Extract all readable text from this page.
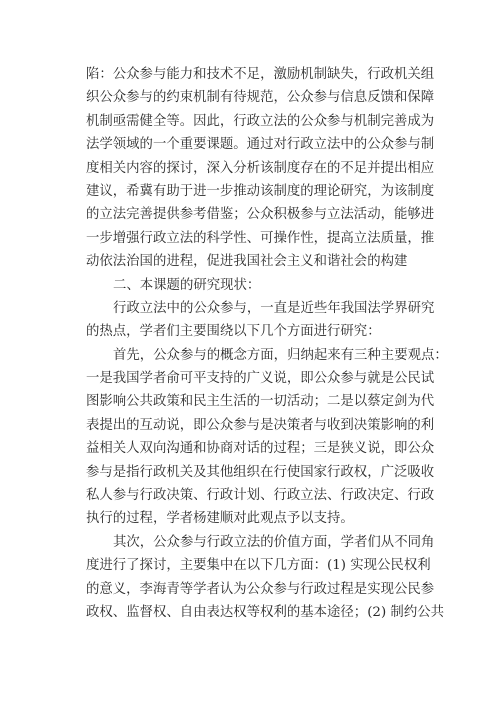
陷：公众参与能力和技术不足，激励机制缺失，行政机关组
织公众参与的约束机制有待规范，公众参与信息反馈和保障
机制亟需健全等。因此，行政立法的公众参与机制完善成为
法学领域的一个重要课题。通过对行政立法中的公众参与制
度相关内容的探讨，深入分析该制度存在的不足并提出相应
建议，希冀有助于进一步推动该制度的理论研究，为该制度
的立法完善提供参考借鉴；公众积极参与立法活动，能够进
一步增强行政立法的科学性、可操作性，提高立法质量，推
动依法治国的进程，促进我国社会主义和谐社会的构建
二、本课题的研究现状：
行政立法中的公众参与，一直是近些年我国法学界研究
的热点，学者们主要围绕以下几个方面进行研究：
首先，公众参与的概念方面，归纳起来有三种主要观点：
一是我国学者俞可平支持的广义说，即公众参与就是公民试
图影响公共政策和民主生活的一切活动；二是以蔡定剑为代
表提出的互动说，即公众参与是决策者与收到决策影响的利
益相关人双向沟通和协商对话的过程；三是狭义说，即公众
参与是指行政机关及其他组织在行使国家行政权，广泛吸收
私人参与行政决策、行政计划、行政立法、行政决定、行政
执行的过程，学者杨建顺对此观点予以支持。
其次，公众参与行政立法的价值方面，学者们从不同角
度进行了探讨，主要集中在以下几方面：(1) 实现公民权利
的意义，李海青等学者认为公众参与行政过程是实现公民参
政权、监督权、自由表达权等权利的基本途径；(2) 制约公共
